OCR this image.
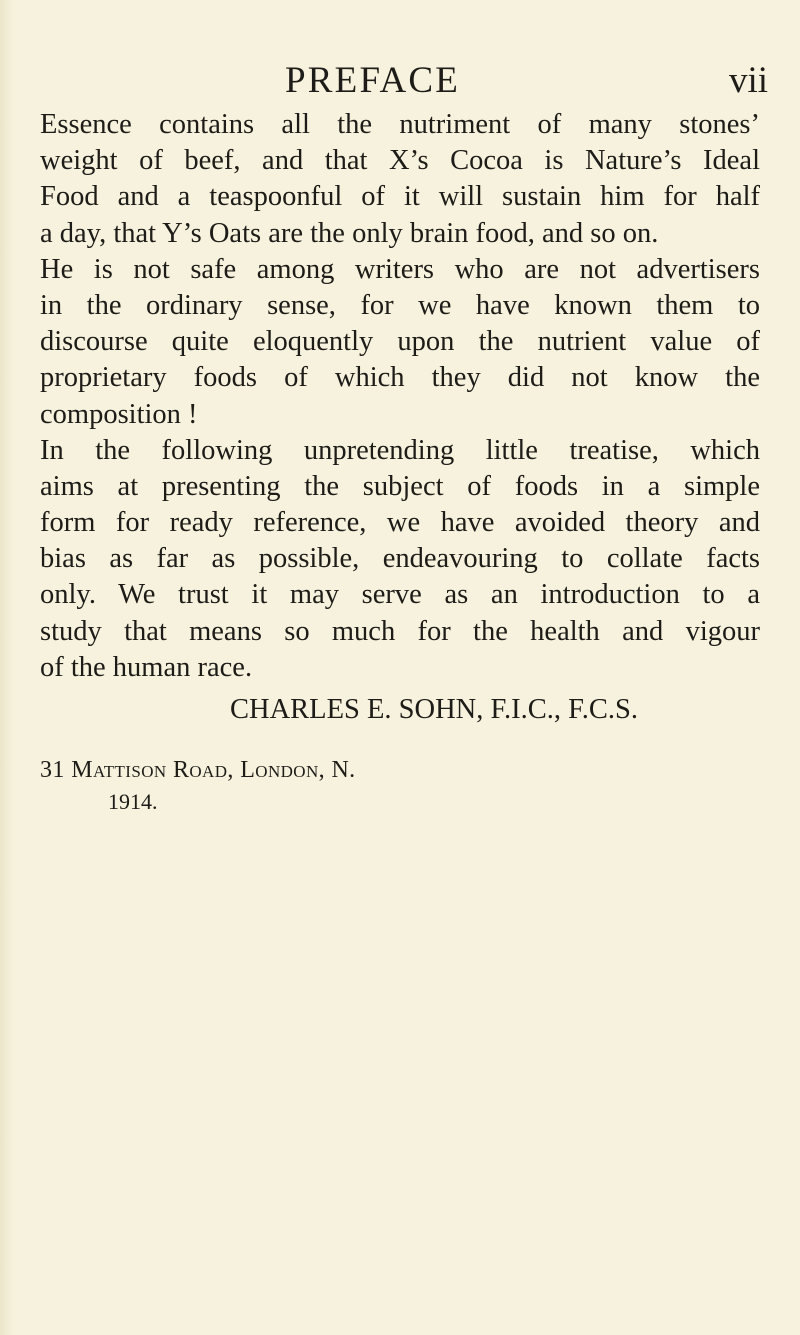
PREFACE	vii
Essence contains all the nutriment of many stones’
weight of beef, and that X’s Cocoa is Nature’s Ideal
Food and a teaspoonful of it will sustain him for half
a day, that Y’s Oats are the only brain food, and so on.
He is not safe among writers who are not advertisers
in the ordinary sense, for we have known them to
discourse quite eloquently upon the nutrient value of
proprietary foods of which they did not know the
composition !
In the following unpretending little treatise, which
aims at presenting the subject of foods in a simple
form for ready reference, we have avoided theory and
bias as far as possible, endeavouring to collate facts
only. We trust it may serve as an introduction to a
study that means so much for the health and vigour
of the human race.
CHARLES E. SOHN, F.I.C., F.C.S.
31 Mattison Road, London, N.
1914.
